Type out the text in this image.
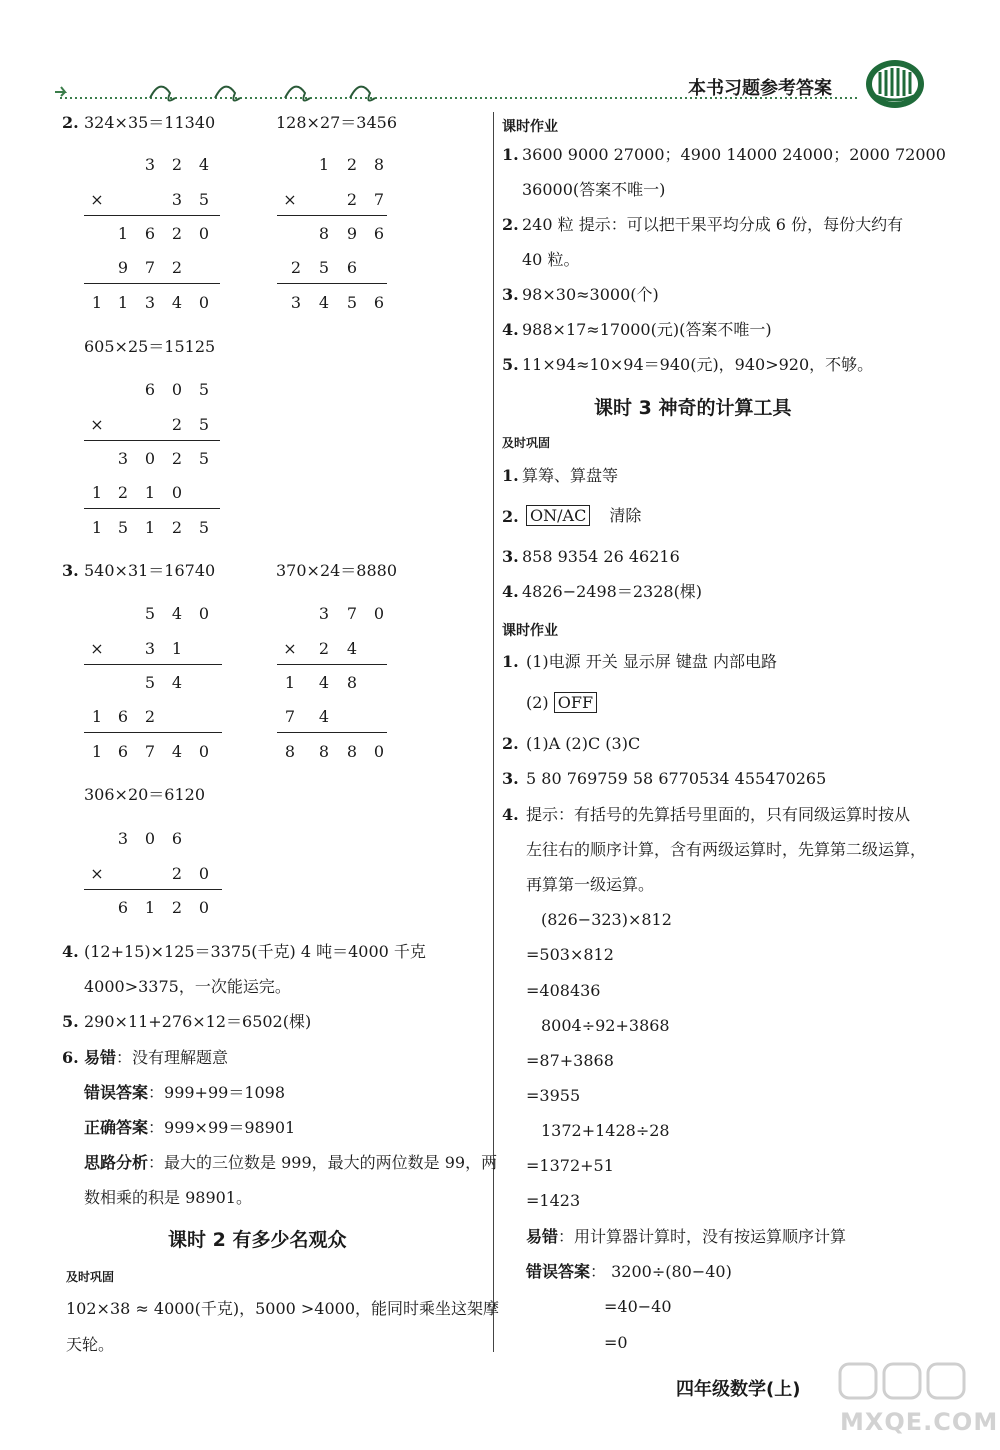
本书习题参考答案
2. 324×35＝11340	128×27＝3456
3 2 4
×	3 5
1 6 2 0
9 7 2
1 1 3 4 0
1 2 8
×	2 7
8 9 6
2 5 6
3 4 5 6
605×25＝15125
6 0 5
×	2 5
3 0 2 5
1 2 1 0
1 5 1 2 5
3. 540×31＝16740	370×24＝8880
5 4 0
×	3 1
5 4
1 6 2
1 6 7 4 0
3 7 0
× 2 4
1 4 8
7 4
8 8 8 0
306×20＝6120
3 0 6
×	2 0
6 1 2 0
4. (12+15)×125＝3375(千克) 4 吨＝4000 千克
4000>3375，一次能运完。
5. 290×11+276×12＝6502(棵)
6. 易错：没有理解题意
错误答案：999+99＝1098
正确答案：999×99＝98901
思路分析：最大的三位数是 999，最大的两位数是 99，两
数相乘的积是 98901。
课时 2 有多少名观众
及时巩固
102×38 ≈ 4000(千克)，5000 >4000，能同时乘坐这架摩
天轮。
课时作业
1. 3600 9000 27000；4900 14000 24000；2000 72000
36000(答案不唯一)
2. 240 粒 提示：可以把干果平均分成 6 份，每份大约有
40 粒。
3. 98×30≈3000(个)
4. 988×17≈17000(元)(答案不唯一)
5. 11×94≈10×94＝940(元)，940>920，不够。
课时 3 神奇的计算工具
及时巩固
1. 算筹、算盘等
2. ON/AC 清除
3. 858 9354 26 46216
4. 4826−2498＝2328(棵)
课时作业
1. (1)电源 开关 显示屏 键盘 内部电路
(2) OFF
2. (1)A (2)C (3)C
3. 5 80 769759 58 6770534 455470265
4. 提示：有括号的先算括号里面的，只有同级运算时按从
左往右的顺序计算，含有两级运算时，先算第二级运算，
再算第一级运算。
(826−323)×812
=503×812
=408436
8004÷92+3868
=87+3868
=3955
1372+1428÷28
=1372+51
=1423
易错：用计算器计算时，没有按运算顺序计算
错误答案： 3200÷(80−40)
=40−40
=0
四年级数学(上)
MXQE.COM
